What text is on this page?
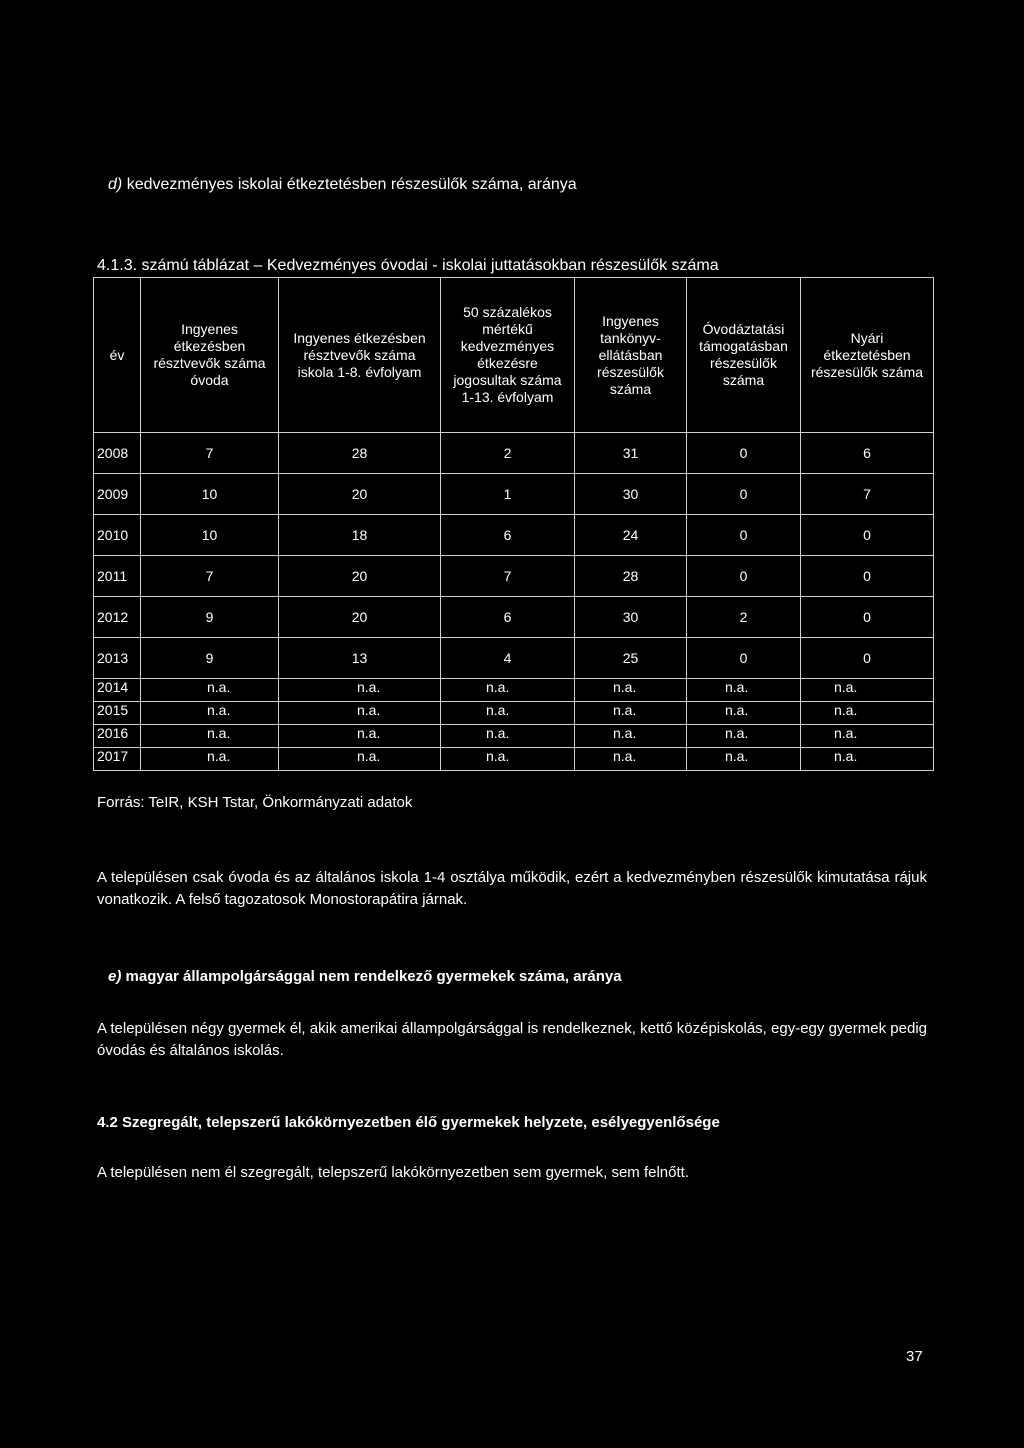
d) kedvezményes iskolai étkeztetésben részesülők száma, aránya
4.1.3. számú táblázat – Kedvezményes óvodai - iskolai juttatásokban részesülők száma
év	Ingyenes étkezésben résztvevők száma óvoda	Ingyenes étkezésben résztvevők száma iskola 1-8. évfolyam	50 százalékos mértékű kedvezményes étkezésre jogosultak száma 1-13. évfolyam	Ingyenes tankönyv-ellátásban részesülők száma	Óvodáztatási támogatásban részesülők száma	Nyári étkeztetésben részesülők száma
2008	7	28	2	31	0	6
2009	10	20	1	30	0	7
2010	10	18	6	24	0	0
2011	7	20	7	28	0	0
2012	9	20	6	30	2	0
2013	9	13	4	25	0	0
2014	n.a.	n.a.	n.a.	n.a.	n.a.	n.a.
2015	n.a.	n.a.	n.a.	n.a.	n.a.	n.a.
2016	n.a.	n.a.	n.a.	n.a.	n.a.	n.a.
2017	n.a.	n.a.	n.a.	n.a.	n.a.	n.a.
Forrás: TeIR, KSH Tstar, Önkormányzati adatok
A településen csak óvoda és az általános iskola 1-4 osztálya működik, ezért a kedvezményben részesülők kimutatása rájuk vonatkozik. A felső tagozatosok Monostorapátira járnak.
e) magyar állampolgársággal nem rendelkező gyermekek száma, aránya
A településen négy gyermek él, akik amerikai állampolgársággal is rendelkeznek, kettő középiskolás, egy-egy gyermek pedig óvodás és általános iskolás.
4.2 Szegregált, telepszerű lakókörnyezetben élő gyermekek helyzete, esélyegyenlősége
A településen nem él szegregált, telepszerű lakókörnyezetben sem gyermek, sem felnőtt.
37
